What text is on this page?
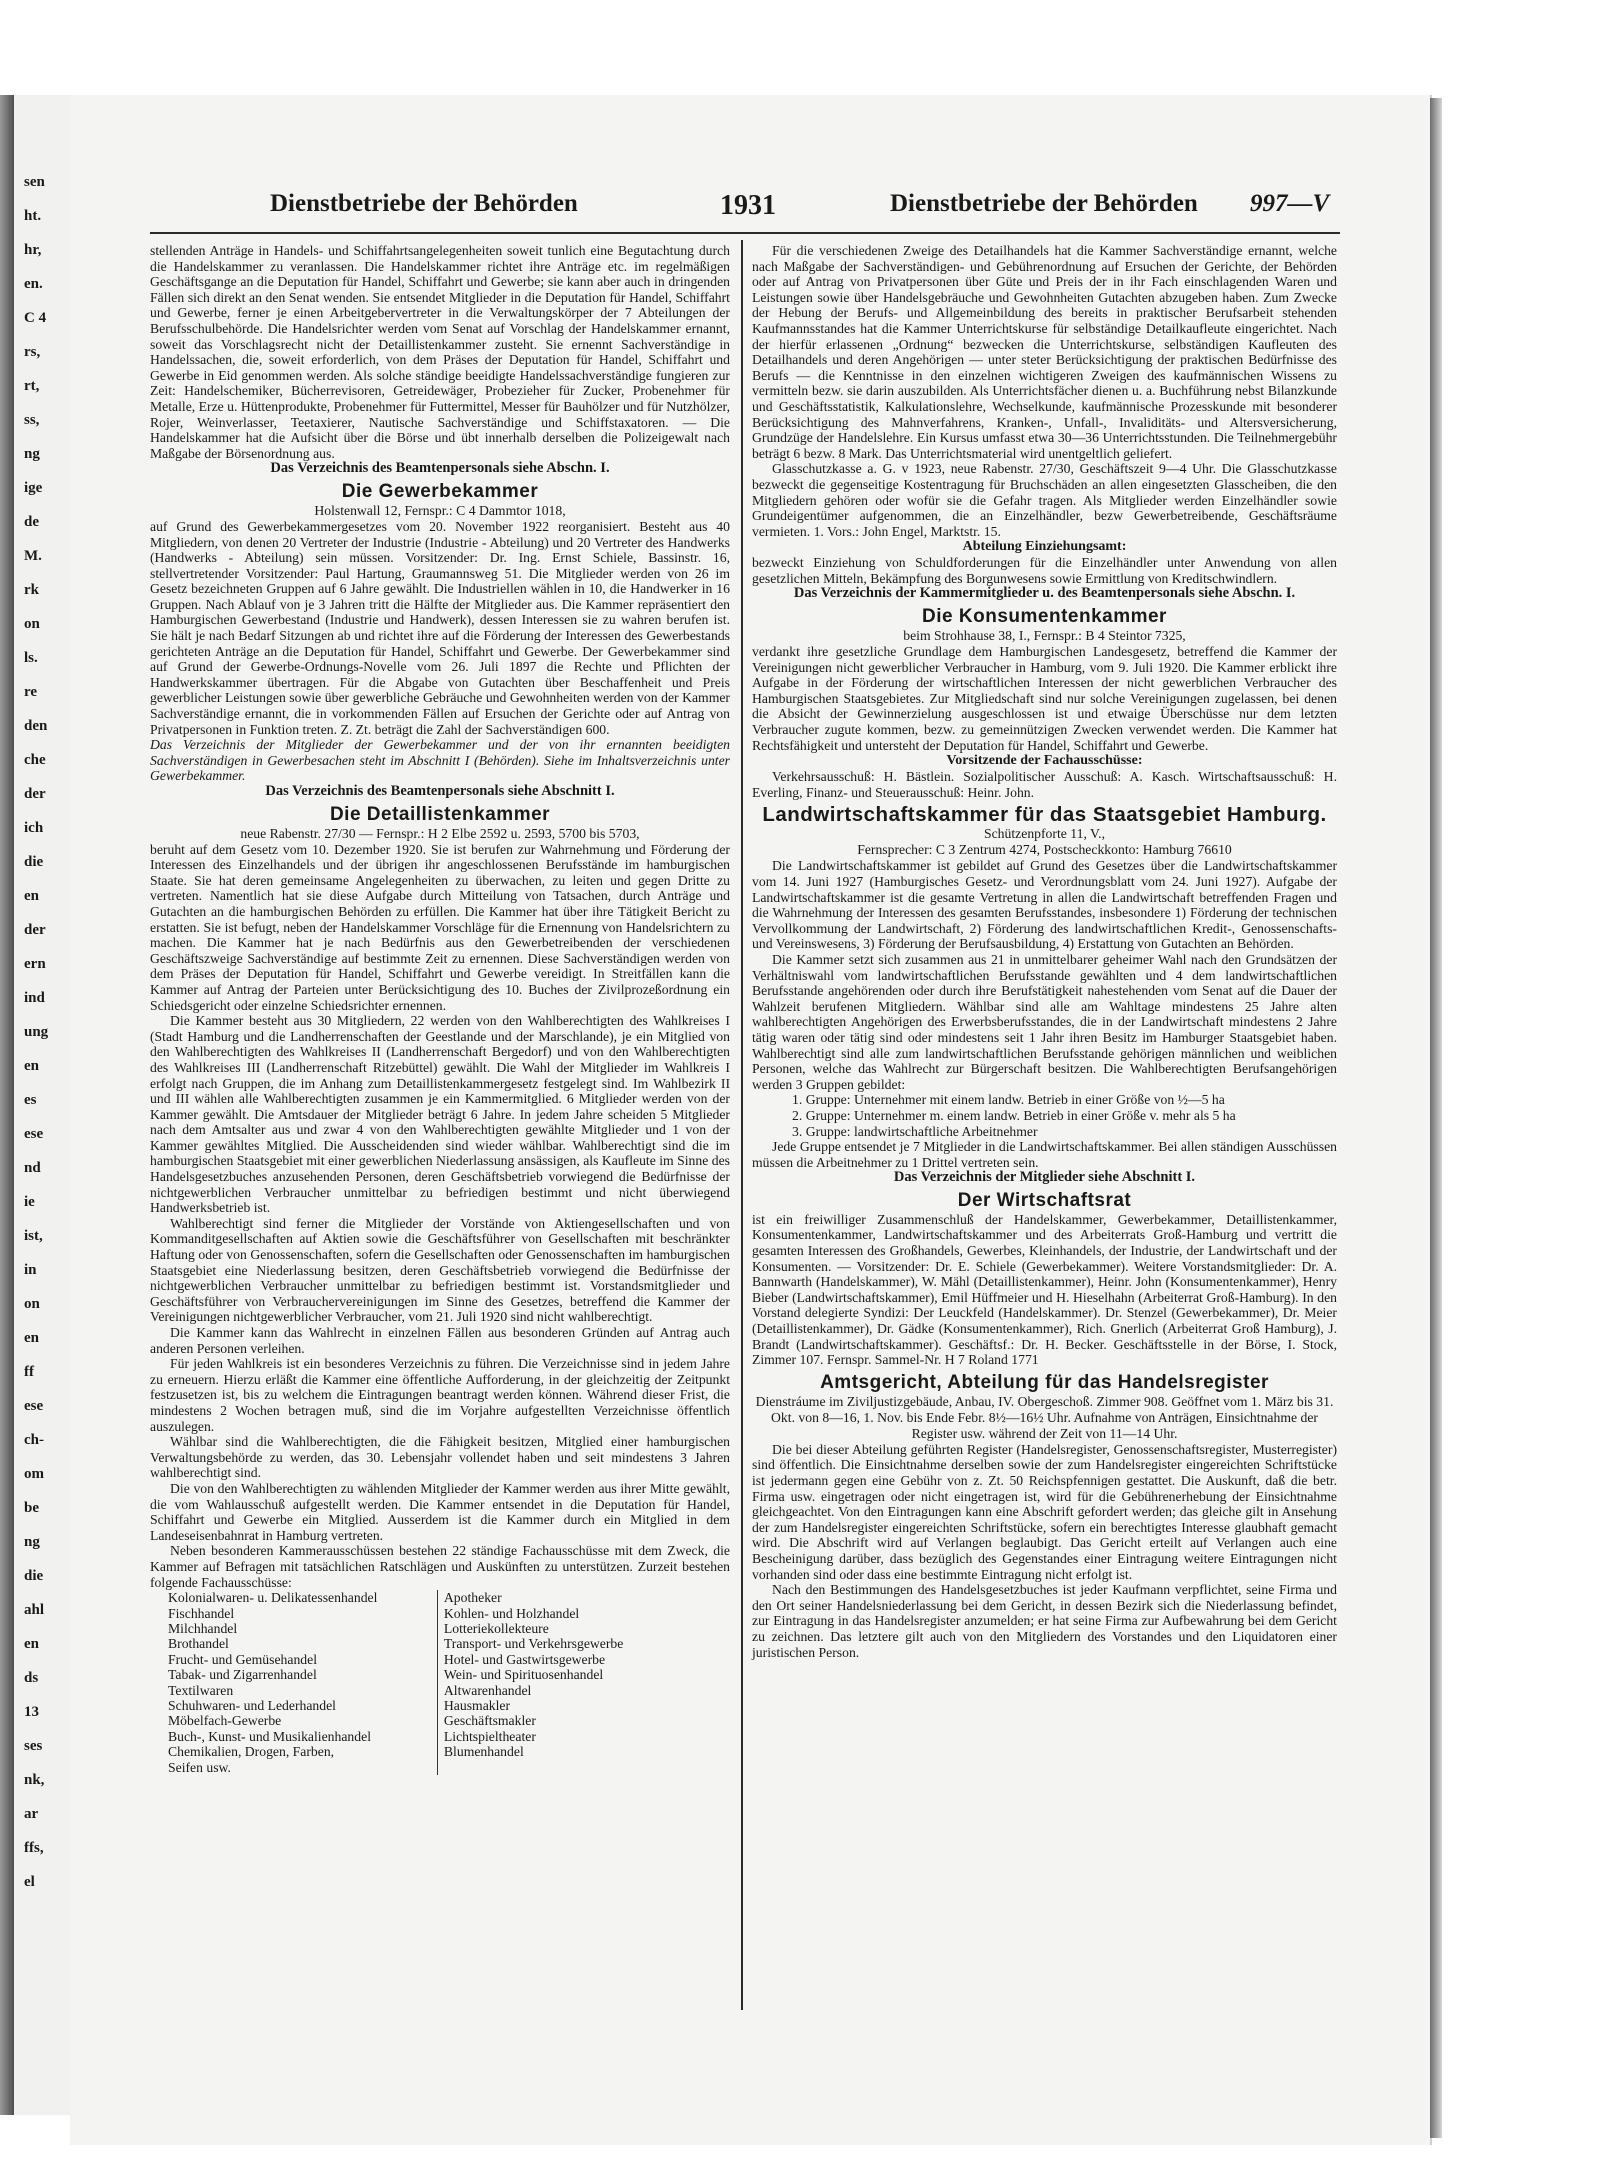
sen
ht.
hr,
en.
C 4
rs,
rt,
ss,
ng
ige
de
M.
rk
on
ls.
re
den
che
der
ich
die
en
der
ern
ind
ung
en
es
ese
nd
ie
ist,
in
on
en
ff
ese
ch-
om
be
ng
die
ahl
en
ds
13
ses
nk,
ar
ffs,
el
Dienstbetriebe der Behörden	1931	Dienstbetriebe der Behörden 997—V

stellenden Anträge in Handels- und Schiffahrtsangelegenheiten soweit tunlich eine Begutachtung durch die Handelskammer zu veranlassen. Die Handelskammer richtet ihre Anträge etc. im regelmäßigen Geschäftsgange an die Deputation für Handel, Schiffahrt und Gewerbe; sie kann aber auch in dringenden Fällen sich direkt an den Senat wenden. Sie entsendet Mitglieder in die Deputation für Handel, Schiffahrt und Gewerbe, ferner je einen Arbeitgebervertreter in die Verwaltungskörper der 7 Abteilungen der Berufsschulbehörde. Die Handelsrichter werden vom Senat auf Vorschlag der Handelskammer ernannt, soweit das Vorschlagsrecht nicht der Detaillistenkammer zusteht. Sie ernennt Sachverständige in Handelssachen, die, soweit erforderlich, von dem Präses der Deputation für Handel, Schiffahrt und Gewerbe in Eid genommen werden. Als solche ständige beeidigte Handelssachverständige fungieren zur Zeit: Handelschemiker, Bücherrevisoren, Getreidewäger, Probezieher für Zucker, Probenehmer für Metalle, Erze u. Hüttenprodukte, Probenehmer für Futtermittel, Messer für Bauhölzer und für Nutzhölzer, Rojer, Weinverlasser, Teetaxierer, Nautische Sachverständige und Schiffstaxatoren. — Die Handelskammer hat die Aufsicht über die Börse und übt innerhalb derselben die Polizeigewalt nach Maßgabe der Börsenordnung aus.

Das Verzeichnis des Beamtenpersonals siehe Abschn. I.
Die Gewerbekammer
Holstenwall 12, Fernspr.: C 4 Dammtor 1018,

auf Grund des Gewerbekammergesetzes vom 20. November 1922 reorganisiert. Besteht aus 40 Mitgliedern, von denen 20 Vertreter der Industrie (Industrie - Abteilung) und 20 Vertreter des Handwerks (Handwerks - Abteilung) sein müssen. Vorsitzender: Dr. Ing. Ernst Schiele, Bassinstr. 16, stellvertretender Vorsitzender: Paul Hartung, Graumannsweg 51. Die Mitglieder werden von 26 im Gesetz bezeichneten Gruppen auf 6 Jahre gewählt. Die Industriellen wählen in 10, die Handwerker in 16 Gruppen. Nach Ablauf von je 3 Jahren tritt die Hälfte der Mitglieder aus. Die Kammer repräsentiert den Hamburgischen Gewerbestand (Industrie und Handwerk), dessen Interessen sie zu wahren berufen ist. Sie hält je nach Bedarf Sitzungen ab und richtet ihre auf die Förderung der Interessen des Gewerbestands gerichteten Anträge an die Deputation für Handel, Schiffahrt und Gewerbe. Der Gewerbekammer sind auf Grund der Gewerbe-Ordnungs-Novelle vom 26. Juli 1897 die Rechte und Pflichten der Handwerkskammer übertragen. Für die Abgabe von Gutachten über Beschaffenheit und Preis gewerblicher Leistungen sowie über gewerbliche Gebräuche und Gewohnheiten werden von der Kammer Sachverständige ernannt, die in vorkommenden Fällen auf Ersuchen der Gerichte oder auf Antrag von Privatpersonen in Funktion treten. Z. Zt. beträgt die Zahl der Sachverständigen 600.

Das Verzeichnis der Mitglieder der Gewerbekammer und der von ihr ernannten beeidigten Sachverständigen in Gewerbesachen steht im Abschnitt I (Behörden). Siehe im Inhaltsverzeichnis unter Gewerbekammer.

Das Verzeichnis des Beamtenpersonals siehe Abschnitt I.
Die Detaillistenkammer
neue Rabenstr. 27/30 — Fernspr.: H 2 Elbe 2592 u. 2593, 5700 bis 5703,

beruht auf dem Gesetz vom 10. Dezember 1920. Sie ist berufen zur Wahrnehmung und Förderung der Interessen des Einzelhandels und der übrigen ihr angeschlossenen Berufsstände im hamburgischen Staate. Sie hat deren gemeinsame Angelegenheiten zu überwachen, zu leiten und gegen Dritte zu vertreten. Namentlich hat sie diese Aufgabe durch Mitteilung von Tatsachen, durch Anträge und Gutachten an die hamburgischen Behörden zu erfüllen. Die Kammer hat über ihre Tätigkeit Bericht zu erstatten. Sie ist befugt, neben der Handelskammer Vorschläge für die Ernennung von Handelsrichtern zu machen. Die Kammer hat je nach Bedürfnis aus den Gewerbetreibenden der verschiedenen Geschäftszweige Sachverständige auf bestimmte Zeit zu ernennen. Diese Sachverständigen werden von dem Präses der Deputation für Handel, Schiffahrt und Gewerbe vereidigt. In Streitfällen kann die Kammer auf Antrag der Parteien unter Berücksichtigung des 10. Buches der Zivilprozeßordnung ein Schiedsgericht oder einzelne Schiedsrichter ernennen.

Die Kammer besteht aus 30 Mitgliedern, 22 werden von den Wahlberechtigten des Wahlkreises I (Stadt Hamburg und die Landherrenschaften der Geestlande und der Marschlande), je ein Mitglied von den Wahlberechtigten des Wahlkreises II (Landherrenschaft Bergedorf) und von den Wahlberechtigten des Wahlkreises III (Landherrenschaft Ritzebüttel) gewählt. Die Wahl der Mitglieder im Wahlkreis I erfolgt nach Gruppen, die im Anhang zum Detaillistenkammergesetz festgelegt sind. Im Wahlbezirk II und III wählen alle Wahlberechtigten zusammen je ein Kammermitglied. 6 Mitglieder werden von der Kammer gewählt. Die Amtsdauer der Mitglieder beträgt 6 Jahre. In jedem Jahre scheiden 5 Mitglieder nach dem Amtsalter aus und zwar 4 von den Wahlberechtigten gewählte Mitglieder und 1 von der Kammer gewähltes Mitglied. Die Ausscheidenden sind wieder wählbar. Wahlberechtigt sind die im hamburgischen Staatsgebiet mit einer gewerblichen Niederlassung ansässigen, als Kaufleute im Sinne des Handelsgesetzbuches anzusehenden Personen, deren Geschäftsbetrieb vorwiegend die Bedürfnisse der nichtgewerblichen Verbraucher unmittelbar zu befriedigen bestimmt und nicht überwiegend Handwerksbetrieb ist.

Wahlberechtigt sind ferner die Mitglieder der Vorstände von Aktiengesellschaften und von Kommanditgesellschaften auf Aktien sowie die Geschäftsführer von Gesellschaften mit beschränkter Haftung oder von Genossenschaften, sofern die Gesellschaften oder Genossenschaften im hamburgischen Staatsgebiet eine Niederlassung besitzen, deren Geschäftsbetrieb vorwiegend die Bedürfnisse der nichtgewerblichen Verbraucher unmittelbar zu befriedigen bestimmt ist. Vorstandsmitglieder und Geschäftsführer von Verbrauchervereinigungen im Sinne des Gesetzes, betreffend die Kammer der Vereinigungen nichtgewerblicher Verbraucher, vom 21. Juli 1920 sind nicht wahlberechtigt.

Die Kammer kann das Wahlrecht in einzelnen Fällen aus besonderen Gründen auf Antrag auch anderen Personen verleihen.

Für jeden Wahlkreis ist ein besonderes Verzeichnis zu führen. Die Verzeichnisse sind in jedem Jahre zu erneuern. Hierzu erläßt die Kammer eine öffentliche Aufforderung, in der gleichzeitig der Zeitpunkt festzusetzen ist, bis zu welchem die Eintragungen beantragt werden können. Während dieser Frist, die mindestens 2 Wochen betragen muß, sind die im Vorjahre aufgestellten Verzeichnisse öffentlich auszulegen.

Wählbar sind die Wahlberechtigten, die die Fähigkeit besitzen, Mitglied einer hamburgischen Verwaltungsbehörde zu werden, das 30. Lebensjahr vollendet haben und seit mindestens 3 Jahren wahlberechtigt sind.

Die von den Wahlberechtigten zu wählenden Mitglieder der Kammer werden aus ihrer Mitte gewählt, die vom Wahlausschuß aufgestellt werden. Die Kammer entsendet in die Deputation für Handel, Schiffahrt und Gewerbe ein Mitglied. Ausserdem ist die Kammer durch ein Mitglied in dem Landeseisenbahnrat in Hamburg vertreten.

Neben besonderen Kammerausschüssen bestehen 22 ständige Fachausschüsse mit dem Zweck, die Kammer auf Befragen mit tatsächlichen Ratschlägen und Auskünften zu unterstützen. Zurzeit bestehen folgende Fachausschüsse:

Kolonialwaren- u. Delikatessenhandel
Fischhandel
Milchhandel
Brothandel
Frucht- und Gemüsehandel
Tabak- und Zigarrenhandel
Textilwaren
Schuhwaren- und Lederhandel
Möbelfach-Gewerbe
Buch-, Kunst- und Musikalienhandel
Chemikalien, Drogen, Farben,
Seifen usw.
Apotheker
Kohlen- und Holzhandel
Lotteriekollekteure
Transport- und Verkehrsgewerbe
Hotel- und Gastwirtsgewerbe
Wein- und Spirituosenhandel
Altwarenhandel
Hausmakler
Geschäftsmakler
Lichtspieltheater
Blumenhandel

Für die verschiedenen Zweige des Detailhandels hat die Kammer Sachverständige ernannt, welche nach Maßgabe der Sachverständigen- und Gebührenordnung auf Ersuchen der Gerichte, der Behörden oder auf Antrag von Privatpersonen über Güte und Preis der in ihr Fach einschlagenden Waren und Leistungen sowie über Handelsgebräuche und Gewohnheiten Gutachten abzugeben haben. Zum Zwecke der Hebung der Berufs- und Allgemeinbildung des bereits in praktischer Berufsarbeit stehenden Kaufmannsstandes hat die Kammer Unterrichtskurse für selbständige Detailkaufleute eingerichtet. Nach der hierfür erlassenen „Ordnung“ bezwecken die Unterrichtskurse, selbständigen Kaufleuten des Detailhandels und deren Angehörigen — unter steter Berücksichtigung der praktischen Bedürfnisse des Berufs — die Kenntnisse in den einzelnen wichtigeren Zweigen des kaufmännischen Wissens zu vermitteln bezw. sie darin auszubilden. Als Unterrichtsfächer dienen u. a. Buchführung nebst Bilanzkunde und Geschäftsstatistik, Kalkulationslehre, Wechselkunde, kaufmännische Prozesskunde mit besonderer Berücksichtigung des Mahnverfahrens, Kranken-, Unfall-, Invaliditäts- und Altersversicherung, Grundzüge der Handelslehre. Ein Kursus umfasst etwa 30—36 Unterrichtsstunden. Die Teilnehmergebühr beträgt 6 bezw. 8 Mark. Das Unterrichtsmaterial wird unentgeltlich geliefert.

Glasschutzkasse a. G. v 1923, neue Rabenstr. 27/30, Geschäftszeit 9—4 Uhr. Die Glasschutzkasse bezweckt die gegenseitige Kostentragung für Bruchschäden an allen eingesetzten Glasscheiben, die den Mitgliedern gehören oder wofür sie die Gefahr tragen. Als Mitglieder werden Einzelhändler sowie Grundeigentümer aufgenommen, die an Einzelhändler, bezw Gewerbetreibende, Geschäftsräume vermieten. 1. Vors.: John Engel, Marktstr. 15.

Abteilung Einziehungsamt:

bezweckt Einziehung von Schuldforderungen für die Einzelhändler unter Anwendung von allen gesetzlichen Mitteln, Bekämpfung des Borgunwesens sowie Ermittlung von Kreditschwindlern.

Das Verzeichnis der Kammermitglieder u. des Beamtenpersonals siehe Abschn. I.
Die Konsumentenkammer
beim Strohhause 38, I., Fernspr.: B 4 Steintor 7325,

verdankt ihre gesetzliche Grundlage dem Hamburgischen Landesgesetz, betreffend die Kammer der Vereinigungen nicht gewerblicher Verbraucher in Hamburg, vom 9. Juli 1920. Die Kammer erblickt ihre Aufgabe in der Förderung der wirtschaftlichen Interessen der nicht gewerblichen Verbraucher des Hamburgischen Staatsgebietes. Zur Mitgliedschaft sind nur solche Vereinigungen zugelassen, bei denen die Absicht der Gewinnerzielung ausgeschlossen ist und etwaige Überschüsse nur dem letzten Verbraucher zugute kommen, bezw. zu gemeinnützigen Zwecken verwendet werden. Die Kammer hat Rechtsfähigkeit und untersteht der Deputation für Handel, Schiffahrt und Gewerbe.

Vorsitzende der Fachausschüsse:

Verkehrsausschuß: H. Bästlein. Sozialpolitischer Ausschuß: A. Kasch. Wirtschaftsausschuß: H. Everling, Finanz- und Steuerausschuß: Heinr. John.

Landwirtschaftskammer für das Staatsgebiet Hamburg.
Schützenpforte 11, V.,
Fernsprecher: C 3 Zentrum 4274, Postscheckkonto: Hamburg 76610

Die Landwirtschaftskammer ist gebildet auf Grund des Gesetzes über die Landwirtschaftskammer vom 14. Juni 1927 (Hamburgisches Gesetz- und Verordnungsblatt vom 24. Juni 1927). Aufgabe der Landwirtschaftskammer ist die gesamte Vertretung in allen die Landwirtschaft betreffenden Fragen und die Wahrnehmung der Interessen des gesamten Berufsstandes, insbesondere 1) Förderung der technischen Vervollkommung der Landwirtschaft, 2) Förderung des landwirtschaftlichen Kredit-, Genossenschafts- und Vereinswesens, 3) Förderung der Berufsausbildung, 4) Erstattung von Gutachten an Behörden.

Die Kammer setzt sich zusammen aus 21 in unmittelbarer geheimer Wahl nach den Grundsätzen der Verhältniswahl vom landwirtschaftlichen Berufsstande gewählten und 4 dem landwirtschaftlichen Berufsstande angehörenden oder durch ihre Berufstätigkeit nahestehenden vom Senat auf die Dauer der Wahlzeit berufenen Mitgliedern. Wählbar sind alle am Wahltage mindestens 25 Jahre alten wahlberechtigten Angehörigen des Erwerbsberufsstandes, die in der Landwirtschaft mindestens 2 Jahre tätig waren oder tätig sind oder mindestens seit 1 Jahr ihren Besitz im Hamburger Staatsgebiet haben. Wahlberechtigt sind alle zum landwirtschaftlichen Berufsstande gehörigen männlichen und weiblichen Personen, welche das Wahlrecht zur Bürgerschaft besitzen. Die Wahlberechtigten Berufsangehörigen werden 3 Gruppen gebildet:

1. Gruppe: Unternehmer mit einem landw. Betrieb in einer Größe von ½—5 ha
2. Gruppe: Unternehmer m. einem landw. Betrieb in einer Größe v. mehr als 5 ha
3. Gruppe: landwirtschaftliche Arbeitnehmer

Jede Gruppe entsendet je 7 Mitglieder in die Landwirtschaftskammer. Bei allen ständigen Ausschüssen müssen die Arbeitnehmer zu 1 Drittel vertreten sein.

Das Verzeichnis der Mitglieder siehe Abschnitt I.
Der Wirtschaftsrat

ist ein freiwilliger Zusammenschluß der Handelskammer, Gewerbekammer, Detaillistenkammer, Konsumentenkammer, Landwirtschaftskammer und des Arbeiterrats Groß-Hamburg und vertritt die gesamten Interessen des Großhandels, Gewerbes, Kleinhandels, der Industrie, der Landwirtschaft und der Konsumenten. — Vorsitzender: Dr. E. Schiele (Gewerbekammer). Weitere Vorstandsmitglieder: Dr. A. Bannwarth (Handelskammer), W. Mähl (Detaillistenkammer), Heinr. John (Konsumentenkammer), Henry Bieber (Landwirtschaftskammer), Emil Hüffmeier und H. Hieselhahn (Arbeiterrat Groß-Hamburg). In den Vorstand delegierte Syndizi: Der Leuckfeld (Handelskammer). Dr. Stenzel (Gewerbekammer), Dr. Meier (Detaillistenkammer), Dr. Gädke (Konsumentenkammer), Rich. Gnerlich (Arbeiterrat Groß Hamburg), J. Brandt (Landwirtschaftskammer). Geschäftsf.: Dr. H. Becker. Geschäftsstelle in der Börse, I. Stock, Zimmer 107. Fernspr. Sammel-Nr. H 7 Roland 1771

Amtsgericht, Abteilung für das Handelsregister
Dienstráume im Ziviljustizgebäude, Anbau, IV. Obergeschoß. Zimmer 908. Geöffnet vom 1. März bis 31. Okt. von 8—16, 1. Nov. bis Ende Febr. 8½—16½ Uhr. Aufnahme von Anträgen, Einsichtnahme der Register usw. während der Zeit von 11—14 Uhr.

Die bei dieser Abteilung geführten Register (Handelsregister, Genossenschaftsregister, Musterregister) sind öffentlich. Die Einsichtnahme derselben sowie der zum Handelsregister eingereichten Schriftstücke ist jedermann gegen eine Gebühr von z. Zt. 50 Reichspfennigen gestattet. Die Auskunft, daß die betr. Firma usw. eingetragen oder nicht eingetragen ist, wird für die Gebührenerhebung der Einsichtnahme gleichgeachtet. Von den Eintragungen kann eine Abschrift gefordert werden; das gleiche gilt in Ansehung der zum Handelsregister eingereichten Schriftstücke, sofern ein berechtigtes Interesse glaubhaft gemacht wird. Die Abschrift wird auf Verlangen beglaubigt. Das Gericht erteilt auf Verlangen auch eine Bescheinigung darüber, dass bezüglich des Gegenstandes einer Eintragung weitere Eintragungen nicht vorhanden sind oder dass eine bestimmte Eintragung nicht erfolgt ist.

Nach den Bestimmungen des Handelsgesetzbuches ist jeder Kaufmann verpflichtet, seine Firma und den Ort seiner Handelsniederlassung bei dem Gericht, in dessen Bezirk sich die Niederlassung befindet, zur Eintragung in das Handelsregister anzumelden; er hat seine Firma zur Aufbewahrung bei dem Gericht zu zeichnen. Das letztere gilt auch von den Mitgliedern des Vorstandes und den Liquidatoren einer juristischen Person.
